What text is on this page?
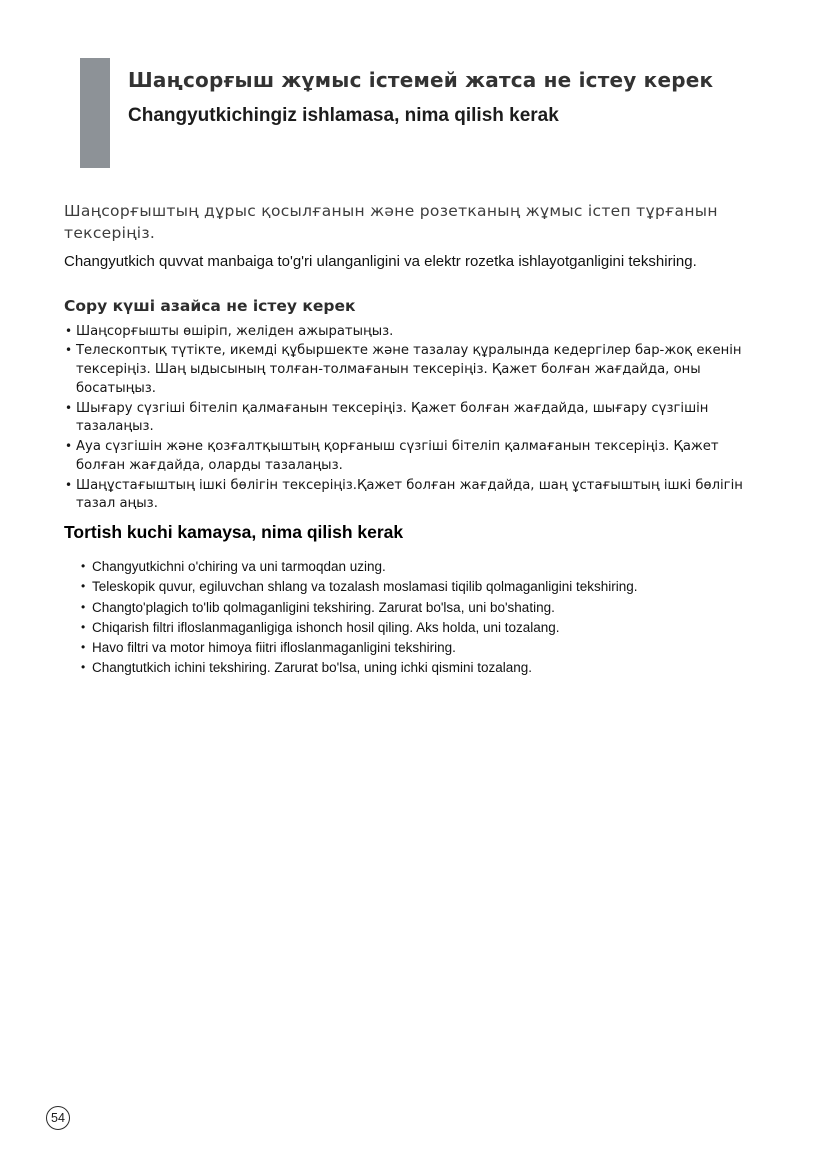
Шаңсорғыш жұмыс істемей жатса не істеу керек
Changyutkichingiz ishlamasa, nima qilish kerak

Шаңсорғыштың дұрыс қосылғанын және розетканың жұмыс істеп тұрғанын тексеріңіз.

Changyutkich quvvat manbaiga to'g'ri ulanganligini va elektr rozetka ishlayotganligini tekshiring.

Сору күші азайса не істеу керек
• Шаңсорғышты өшіріп, желіден ажыратыңыз.
• Телескоптық түтікте, икемді құбыршекте және тазалау құралында кедергілер бар-жоқ екенін тексеріңіз. Шаң ыдысының толған-толмағанын тексеріңіз. Қажет болған жағдайда, оны босатыңыз.
• Шығару сүзгіші бітеліп қалмағанын тексеріңіз. Қажет болған жағдайда, шығару сүзгішін тазалаңыз.
• Ауа сүзгішін және қозғалтқыштың қорғаныш сүзгіші бітеліп қалмағанын тексеріңіз. Қажет болған жағдайда, оларды тазалаңыз.
• Шаңұстағыштың ішкі бөлігін тексеріңіз.Қажет болған жағдайда, шаң ұстағыштың ішкі бөлігін тазал аңыз.
Tortish kuchi kamaysa, nima qilish kerak
• Changyutkichni o'chiring va uni tarmoqdan uzing.
• Teleskopik quvur, egiluvchan shlang va tozalash moslamasi tiqilib qolmaganligini tekshiring.
• Changto'plagich to'lib qolmaganligini tekshiring. Zarurat bo'lsa, uni bo'shating.
• Chiqarish filtri ifloslanmaganligiga ishonch hosil qiling. Aks holda, uni tozalang.
• Havo filtri va motor himoya fiitri ifloslanmaganligini tekshiring.
• Changtutkich ichini tekshiring. Zarurat bo'lsa, uning ichki qismini tozalang.
54
